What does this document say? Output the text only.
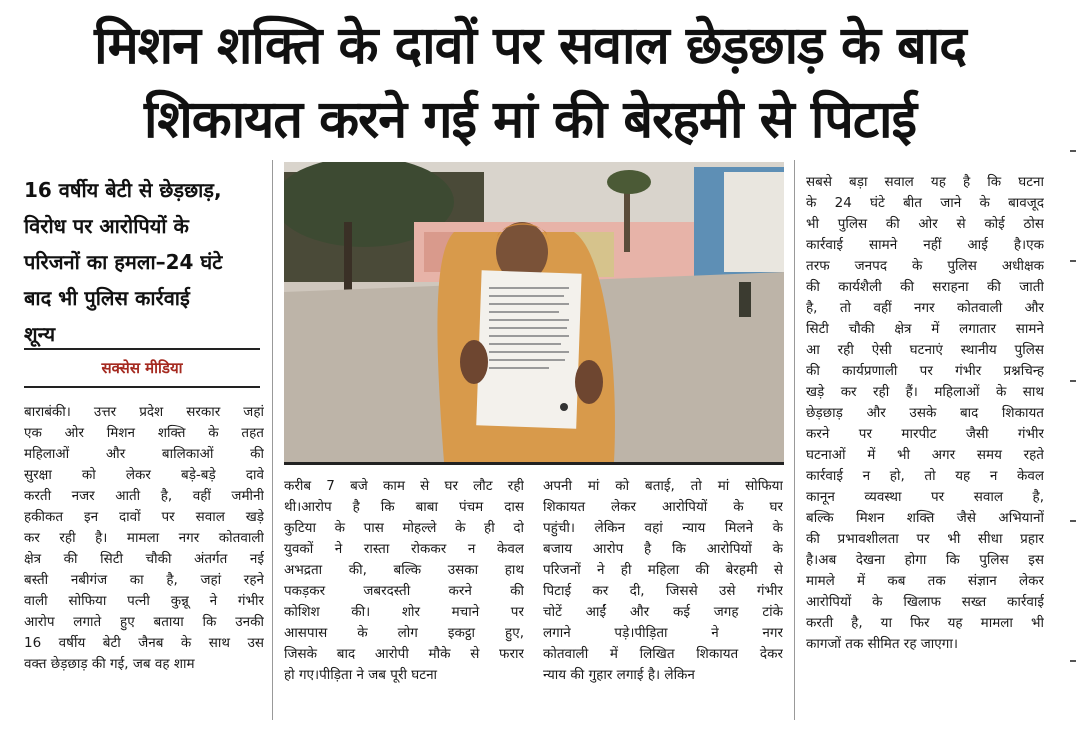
मिशन शक्ति के दावों पर सवाल छेड़छाड़ के बाद
शिकायत करने गई मां की बेरहमी से पिटाई
16 वर्षीय बेटी से छेड़छाड़,
विरोध पर आरोपियों के
परिजनों का हमला–24 घंटे
बाद भी पुलिस कार्रवाई
शून्य
सक्सेस मीडिया
बाराबंकी। उत्तर प्रदेश सरकार जहां
एक ओर मिशन शक्ति के तहत
महिलाओं और बालिकाओं की
सुरक्षा को लेकर बड़े-बड़े दावे
करती नजर आती है, वहीं जमीनी
हकीकत इन दावों पर सवाल खड़े
कर रही है। मामला नगर कोतवाली
क्षेत्र की सिटी चौकी अंतर्गत नई
बस्ती नबीगंज का है, जहां रहने
वाली सोफिया पत्नी कुन्नू ने गंभीर
आरोप लगाते हुए बताया कि उनकी
16 वर्षीय बेटी जैनब के साथ उस
वक्त छेड़छाड़ की गई, जब वह शाम
करीब 7 बजे काम से घर लौट रही
थी।आरोप है कि बाबा पंचम दास
कुटिया के पास मोहल्ले के ही दो
युवकों ने रास्ता रोककर न केवल
अभद्रता की, बल्कि उसका हाथ
पकड़कर जबरदस्ती करने की
कोशिश की। शोर मचाने पर
आसपास के लोग इकट्ठा हुए,
जिसके बाद आरोपी मौके से फरार
हो गए।पीड़िता ने जब पूरी घटना
अपनी मां को बताई, तो मां सोफिया
शिकायत लेकर आरोपियों के घर
पहुंची। लेकिन वहां न्याय मिलने के
बजाय आरोप है कि आरोपियों के
परिजनों ने ही महिला की बेरहमी से
पिटाई कर दी, जिससे उसे गंभीर
चोटें आईं और कई जगह टांके
लगाने पड़े।पीड़िता ने नगर
कोतवाली में लिखित शिकायत देकर
न्याय की गुहार लगाई है। लेकिन
सबसे बड़ा सवाल यह है कि घटना
के 24 घंटे बीत जाने के बावजूद
भी पुलिस की ओर से कोई ठोस
कार्रवाई सामने नहीं आई है।एक
तरफ जनपद के पुलिस अधीक्षक
की कार्यशैली की सराहना की जाती
है, तो वहीं नगर कोतवाली और
सिटी चौकी क्षेत्र में लगातार सामने
आ रही ऐसी घटनाएं स्थानीय पुलिस
की कार्यप्रणाली पर गंभीर प्रश्नचिन्ह
खड़े कर रही हैं। महिलाओं के साथ
छेड़छाड़ और उसके बाद शिकायत
करने पर मारपीट जैसी गंभीर
घटनाओं में भी अगर समय रहते
कार्रवाई न हो, तो यह न केवल
कानून व्यवस्था पर सवाल है,
बल्कि मिशन शक्ति जैसे अभियानों
की प्रभावशीलता पर भी सीधा प्रहार
है।अब देखना होगा कि पुलिस इस
मामले में कब तक संज्ञान लेकर
आरोपियों के खिलाफ सख्त कार्रवाई
करती है, या फिर यह मामला भी
कागजों तक सीमित रह जाएगा।
